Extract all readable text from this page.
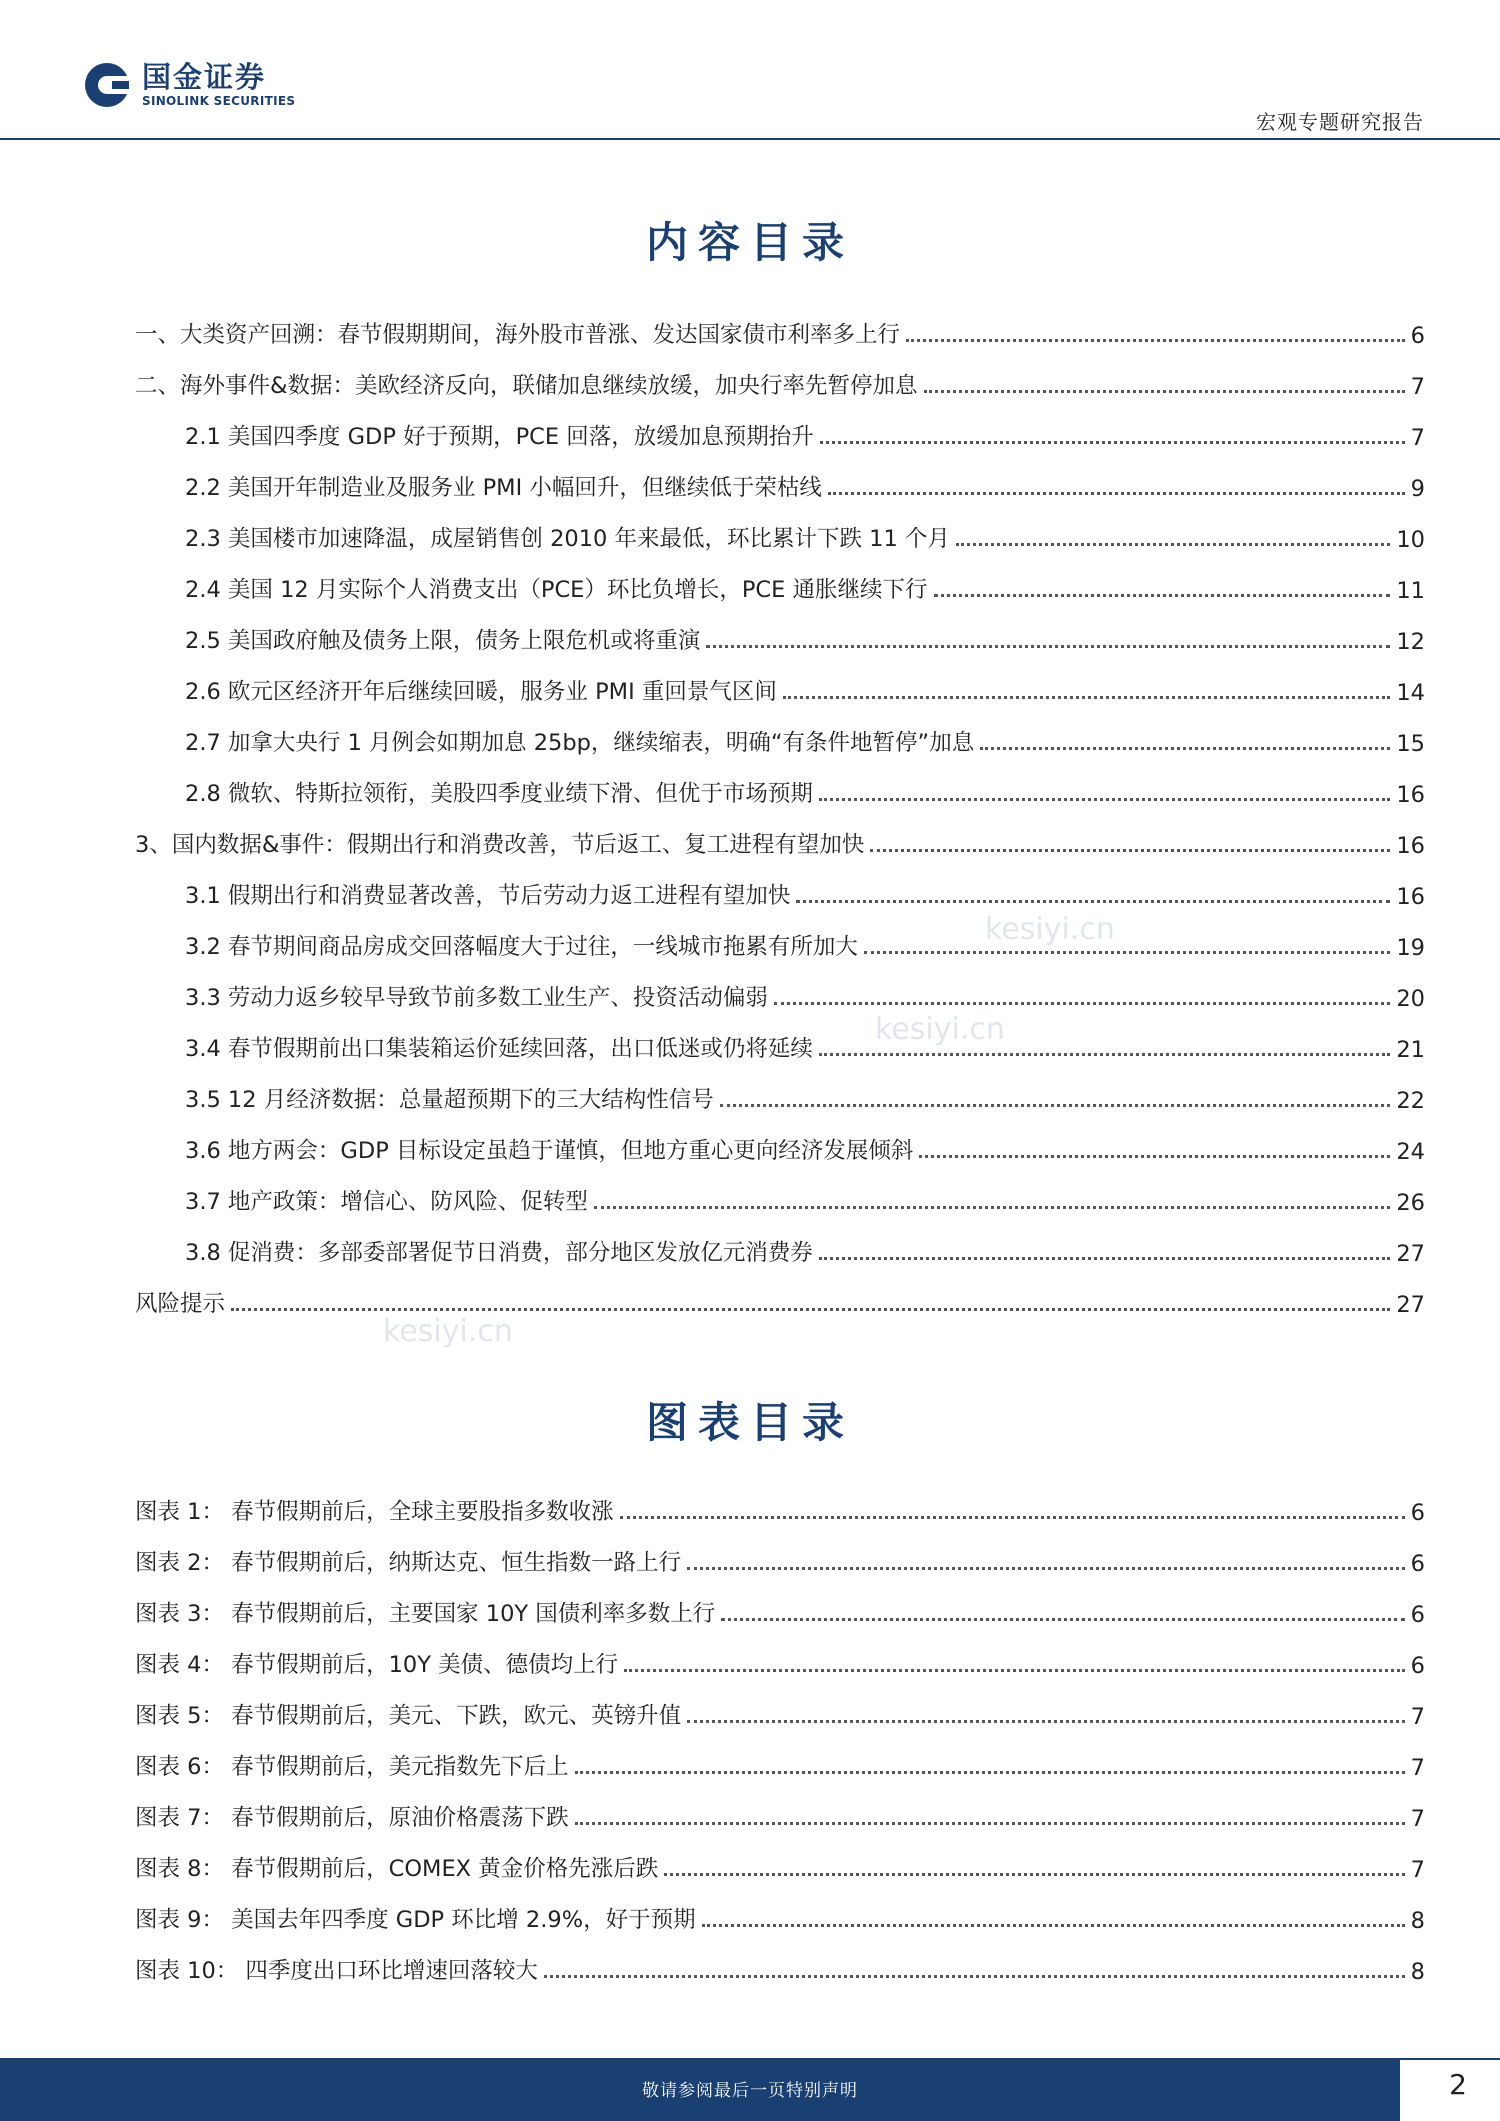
国金证券
SINOLINK SECURITIES
宏观专题研究报告
内容目录
一、大类资产回溯：春节假期期间，海外股市普涨、发达国家债市利率多上行	6
二、海外事件&数据：美欧经济反向，联储加息继续放缓，加央行率先暂停加息	7
2.1 美国四季度 GDP 好于预期，PCE 回落，放缓加息预期抬升	7
2.2 美国开年制造业及服务业 PMI 小幅回升，但继续低于荣枯线	9
2.3 美国楼市加速降温，成屋销售创 2010 年来最低，环比累计下跌 11 个月	10
2.4 美国 12 月实际个人消费支出（PCE）环比负增长，PCE 通胀继续下行	11
2.5 美国政府触及债务上限，债务上限危机或将重演	12
2.6 欧元区经济开年后继续回暖，服务业 PMI 重回景气区间	14
2.7 加拿大央行 1 月例会如期加息 25bp，继续缩表，明确“有条件地暂停”加息	15
2.8 微软、特斯拉领衔，美股四季度业绩下滑、但优于市场预期	16
3、国内数据&事件：假期出行和消费改善，节后返工、复工进程有望加快	16
3.1 假期出行和消费显著改善，节后劳动力返工进程有望加快	16
3.2 春节期间商品房成交回落幅度大于过往，一线城市拖累有所加大	19
3.3 劳动力返乡较早导致节前多数工业生产、投资活动偏弱	20
3.4 春节假期前出口集装箱运价延续回落，出口低迷或仍将延续	21
3.5 12 月经济数据：总量超预期下的三大结构性信号	22
3.6 地方两会：GDP 目标设定虽趋于谨慎，但地方重心更向经济发展倾斜	24
3.7 地产政策：增信心、防风险、促转型	26
3.8 促消费：多部委部署促节日消费，部分地区发放亿元消费券	27
风险提示	27
图表目录
图表 1： 春节假期前后，全球主要股指多数收涨	6
图表 2： 春节假期前后，纳斯达克、恒生指数一路上行	6
图表 3： 春节假期前后，主要国家 10Y 国债利率多数上行	6
图表 4： 春节假期前后，10Y 美债、德债均上行	6
图表 5： 春节假期前后，美元、下跌，欧元、英镑升值	7
图表 6： 春节假期前后，美元指数先下后上	7
图表 7： 春节假期前后，原油价格震荡下跌	7
图表 8： 春节假期前后，COMEX 黄金价格先涨后跌	7
图表 9： 美国去年四季度 GDP 环比增 2.9%，好于预期	8
图表 10： 四季度出口环比增速回落较大	8
kesiyi.cn
kesiyi.cn
kesiyi.cn
敬请参阅最后一页特别声明	2
